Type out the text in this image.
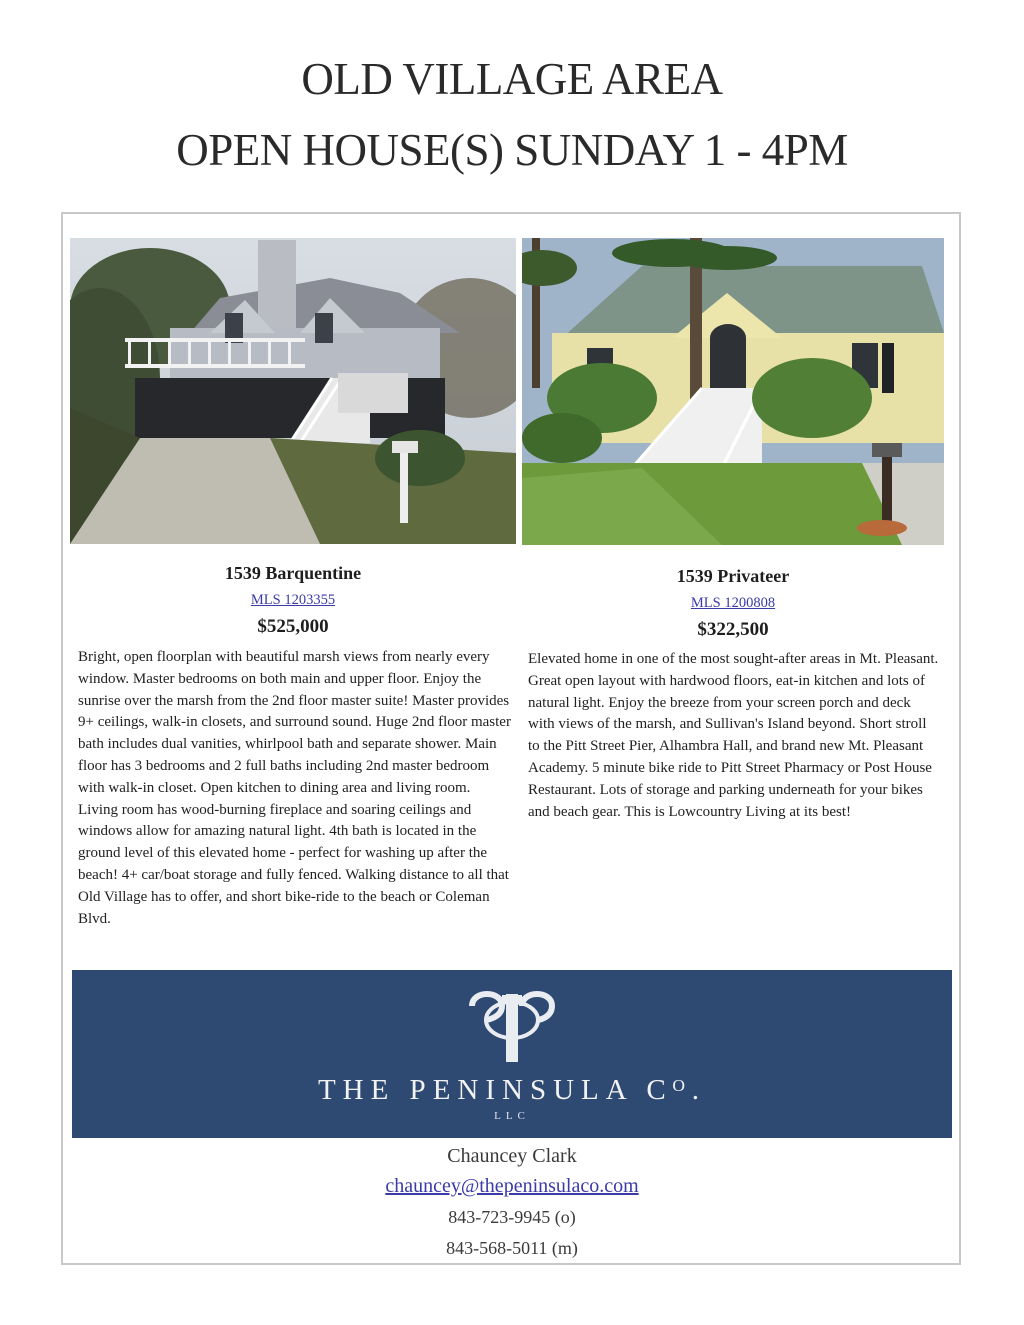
OLD VILLAGE AREA
OPEN HOUSE(S) SUNDAY 1 - 4PM
1539 Barquentine
MLS 1203355
$525,000
Bright, open floorplan with beautiful marsh views from nearly every window. Master bedrooms on both main and upper floor. Enjoy the sunrise over the marsh from the 2nd floor master suite! Master provides 9+ ceilings, walk-in closets, and surround sound. Huge 2nd floor master bath includes dual vanities, whirlpool bath and separate shower. Main floor has 3 bedrooms and 2 full baths including 2nd master bedroom with walk-in closet. Open kitchen to dining area and living room. Living room has wood-burning fireplace and soaring ceilings and windows allow for amazing natural light. 4th bath is located in the ground level of this elevated home - perfect for washing up after the beach! 4+ car/boat storage and fully fenced. Walking distance to all that Old Village has to offer, and short bike-ride to the beach or Coleman Blvd.
1539 Privateer
MLS 1200808
$322,500
Elevated home in one of the most sought-after areas in Mt. Pleasant. Great open layout with hardwood floors, eat-in kitchen and lots of natural light. Enjoy the breeze from your screen porch and deck with views of the marsh, and Sullivan's Island beyond. Short stroll to the Pitt Street Pier, Alhambra Hall, and brand new Mt. Pleasant Academy. 5 minute bike ride to Pitt Street Pharmacy or Post House Restaurant. Lots of storage and parking underneath for your bikes and beach gear. This is Lowcountry Living at its best!
THE PENINSULA Cᴼ.
LLC
Chauncey Clark
chauncey@thepeninsulaco.com
843-723-9945 (o)
843-568-5011 (m)
